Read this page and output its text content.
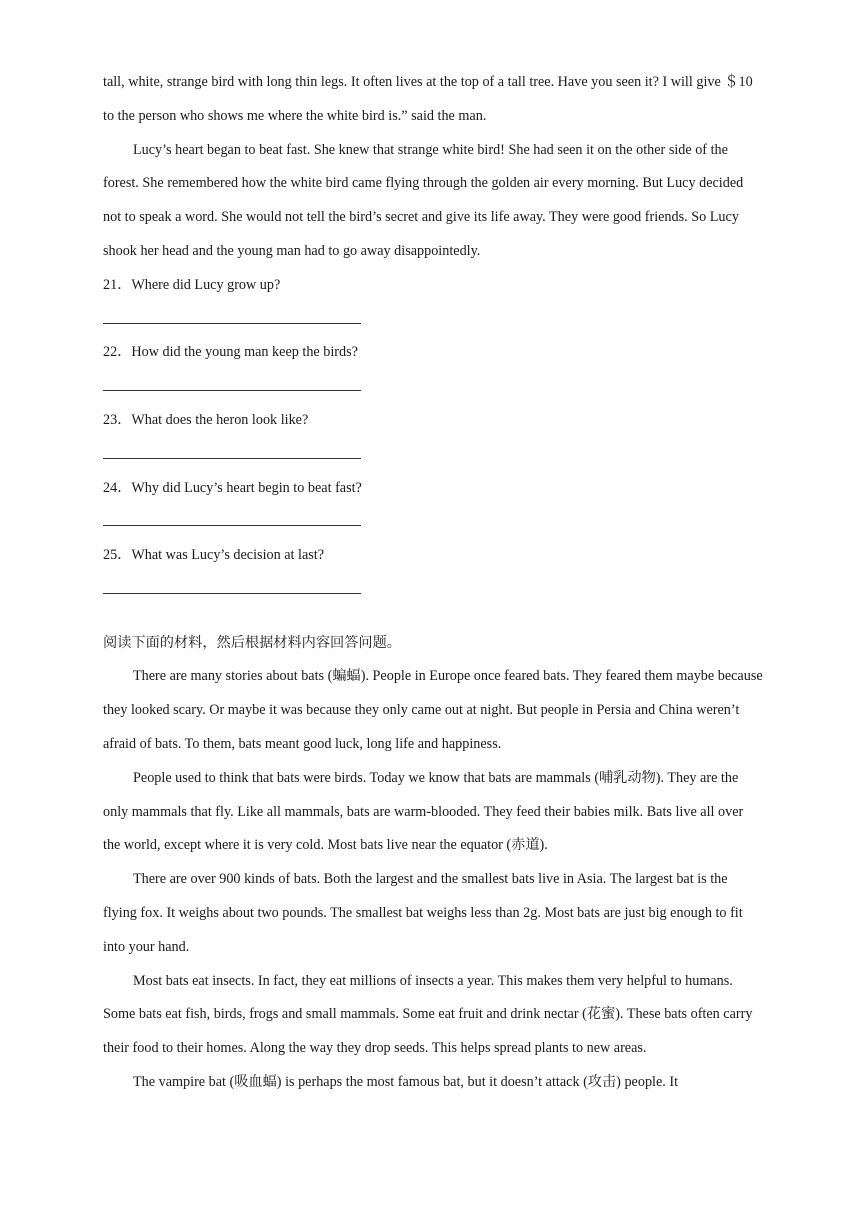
tall, white, strange bird with long thin legs. It often lives at the top of a tall tree. Have you seen it? I will give ＄10 to the person who shows me where the white bird is.” said the man.

Lucy’s heart began to beat fast. She knew that strange white bird! She had seen it on the other side of the forest. She remembered how the white bird came flying through the golden air every morning. But Lucy decided not to speak a word. She would not tell the bird’s secret and give its life away. They were good friends. So Lucy shook her head and the young man had to go away disappointedly.

21．Where did Lucy grow up?

22．How did the young man keep the birds?

23．What does the heron look like?

24．Why did Lucy’s heart begin to beat fast?

25．What was Lucy’s decision at last?

阅读下面的材料，然后根据材料内容回答问题。

There are many stories about bats (蝙蝠). People in Europe once feared bats. They feared them maybe because they looked scary. Or maybe it was because they only came out at night. But people in Persia and China weren’t afraid of bats. To them, bats meant good luck, long life and happiness.

People used to think that bats were birds. Today we know that bats are mammals (哺乳动物). They are the only mammals that fly. Like all mammals, bats are warm-blooded. They feed their babies milk. Bats live all over the world, except where it is very cold. Most bats live near the equator (赤道).

There are over 900 kinds of bats. Both the largest and the smallest bats live in Asia. The largest bat is the flying fox. It weighs about two pounds. The smallest bat weighs less than 2g. Most bats are just big enough to fit into your hand.

Most bats eat insects. In fact, they eat millions of insects a year. This makes them very helpful to humans. Some bats eat fish, birds, frogs and small mammals. Some eat fruit and drink nectar (花蜜). These bats often carry their food to their homes. Along the way they drop seeds. This helps spread plants to new areas.

The vampire bat (吸血蝠) is perhaps the most famous bat, but it doesn’t attack (攻击) people. It
